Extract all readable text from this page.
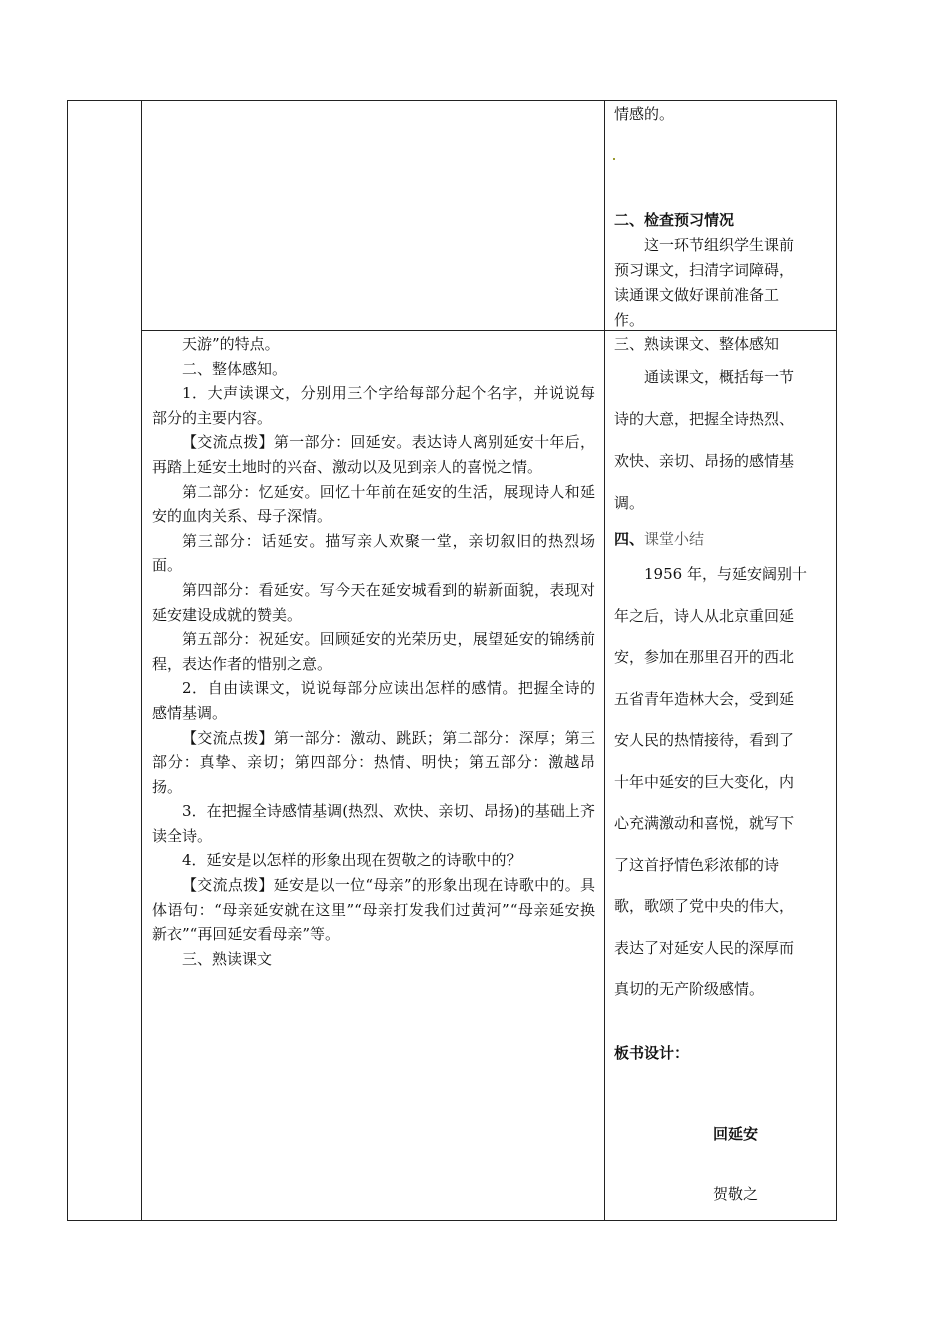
情感的。
二、检查预习情况
这一环节组织学生课前
预习课文，扫清字词障碍，
读通课文做好课前准备工
作。

天游”的特点。

二、整体感知。

1．大声读课文，分别用三个字给每部分起个名字，并说说每部分的主要内容。

【交流点拨】第一部分：回延安。表达诗人离别延安十年后，再踏上延安土地时的兴奋、激动以及见到亲人的喜悦之情。

第二部分：忆延安。回忆十年前在延安的生活，展现诗人和延安的血肉关系、母子深情。

第三部分：话延安。描写亲人欢聚一堂，亲切叙旧的热烈场面。

第四部分：看延安。写今天在延安城看到的崭新面貌，表现对延安建设成就的赞美。

第五部分：祝延安。回顾延安的光荣历史，展望延安的锦绣前程，表达作者的惜别之意。

2．自由读课文，说说每部分应读出怎样的感情。把握全诗的感情基调。

【交流点拨】第一部分：激动、跳跃；第二部分：深厚；第三部分：真挚、亲切；第四部分：热情、明快；第五部分：激越昂扬。

3．在把握全诗感情基调(热烈、欢快、亲切、昂扬)的基础上齐读全诗。

4．延安是以怎样的形象出现在贺敬之的诗歌中的？

【交流点拨】延安是以一位“母亲”的形象出现在诗歌中的。具体语句：“母亲延安就在这里”“母亲打发我们过黄河”“母亲延安换新衣”“再回延安看母亲”等。

三、熟读课文

三、熟读课文、整体感知
通读课文，概括每一节
诗的大意，把握全诗热烈、
欢快、亲切、昂扬的感情基
调。
四、课堂小结
1956 年，与延安阔别十
年之后，诗人从北京重回延
安，参加在那里召开的西北
五省青年造林大会，受到延
安人民的热情接待，看到了
十年中延安的巨大变化，内
心充满激动和喜悦，就写下
了这首抒情色彩浓郁的诗
歌，歌颂了党中央的伟大，
表达了对延安人民的深厚而
真切的无产阶级感情。
板书设计：
回延安
贺敬之
